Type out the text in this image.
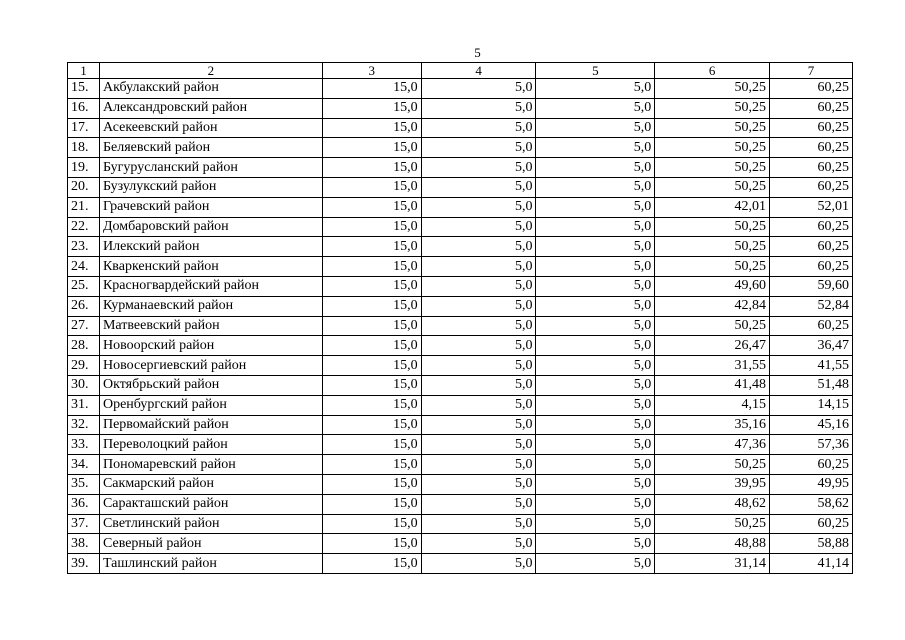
5
1	2	3	4	5	6	7
15.	Акбулакский район	15,0	5,0	5,0	50,25	60,25
16.	Александровский район	15,0	5,0	5,0	50,25	60,25
17.	Асекеевский район	15,0	5,0	5,0	50,25	60,25
18.	Беляевский район	15,0	5,0	5,0	50,25	60,25
19.	Бугурусланский район	15,0	5,0	5,0	50,25	60,25
20.	Бузулукский район	15,0	5,0	5,0	50,25	60,25
21.	Грачевский район	15,0	5,0	5,0	42,01	52,01
22.	Домбаровский район	15,0	5,0	5,0	50,25	60,25
23.	Илекский район	15,0	5,0	5,0	50,25	60,25
24.	Кваркенский район	15,0	5,0	5,0	50,25	60,25
25.	Красногвардейский район	15,0	5,0	5,0	49,60	59,60
26.	Курманаевский район	15,0	5,0	5,0	42,84	52,84
27.	Матвеевский район	15,0	5,0	5,0	50,25	60,25
28.	Новоорский район	15,0	5,0	5,0	26,47	36,47
29.	Новосергиевский район	15,0	5,0	5,0	31,55	41,55
30.	Октябрьский район	15,0	5,0	5,0	41,48	51,48
31.	Оренбургский район	15,0	5,0	5,0	4,15	14,15
32.	Первомайский район	15,0	5,0	5,0	35,16	45,16
33.	Переволоцкий район	15,0	5,0	5,0	47,36	57,36
34.	Пономаревский район	15,0	5,0	5,0	50,25	60,25
35.	Сакмарский район	15,0	5,0	5,0	39,95	49,95
36.	Саракташский район	15,0	5,0	5,0	48,62	58,62
37.	Светлинский район	15,0	5,0	5,0	50,25	60,25
38.	Северный район	15,0	5,0	5,0	48,88	58,88
39.	Ташлинский район	15,0	5,0	5,0	31,14	41,14
